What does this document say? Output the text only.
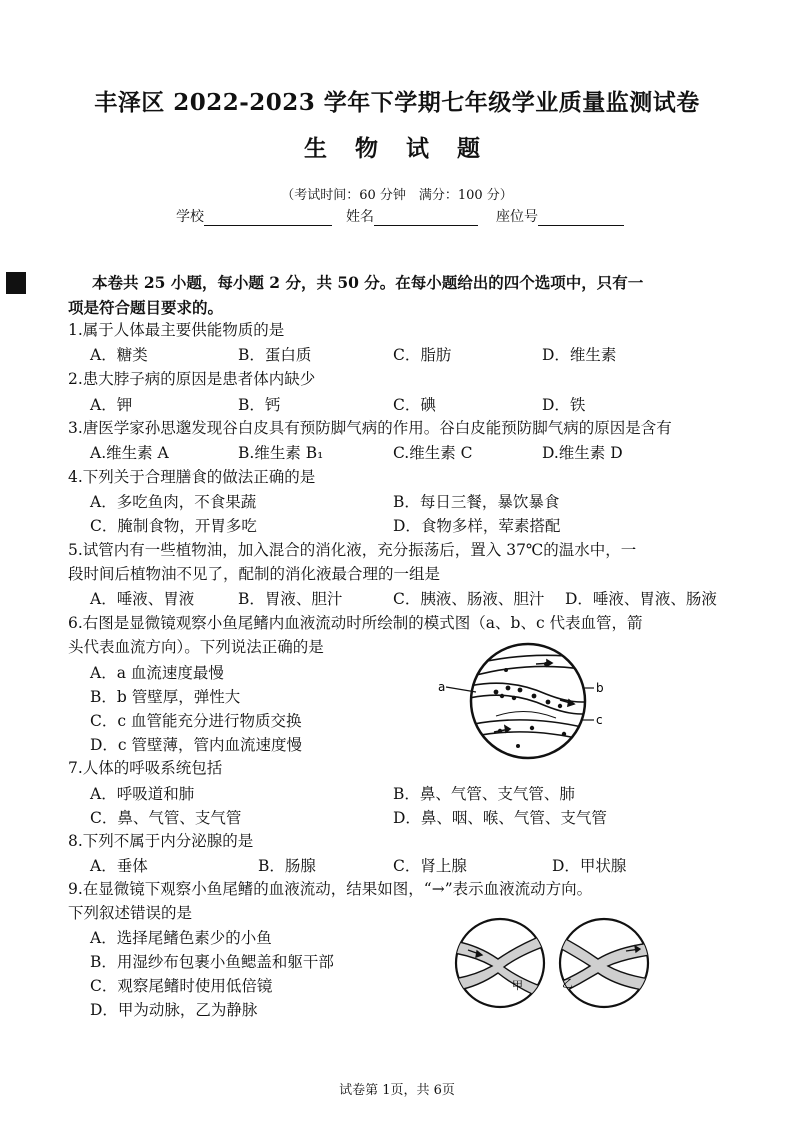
丰泽区 2022-2023 学年下学期七年级学业质量监测试卷
生 物 试 题
（考试时间：60 分钟　满分：100 分）
学校	姓名	座位号
本卷共 25 小题，每小题 2 分，共 50 分。在每小题给出的四个选项中，只有一
项是符合题目要求的。
1.属于人体最主要供能物质的是
A．糖类	B．蛋白质	C．脂肪	D．维生素
2.患大脖子病的原因是患者体内缺少
A．钾	B．钙	C．碘	D．铁
3.唐医学家孙思邈发现谷白皮具有预防脚气病的作用。谷白皮能预防脚气病的原因是含有
A.维生素 A	B.维生素 B₁	C.维生素 C	D.维生素 D
4.下列关于合理膳食的做法正确的是
A．多吃鱼肉，不食果蔬	B．每日三餐，暴饮暴食
C．腌制食物，开胃多吃	D．食物多样，荤素搭配
5.试管内有一些植物油，加入混合的消化液，充分振荡后，置入 37℃的温水中，一
段时间后植物油不见了，配制的消化液最合理的一组是
A．唾液、胃液	B．胃液、胆汁	C．胰液、肠液、胆汁 D．唾液、胃液、肠液
6.右图是显微镜观察小鱼尾鳍内血液流动时所绘制的模式图（a、b、c 代表血管，箭
头代表血流方向）。下列说法正确的是
A．a 血流速度最慢
B．b 管壁厚，弹性大
C．c 血管能充分进行物质交换
D．c 管壁薄，管内血流速度慢
a	b
c
7.人体的呼吸系统包括
A．呼吸道和肺	B．鼻、气管、支气管、肺
C．鼻、气管、支气管	D．鼻、咽、喉、气管、支气管
8.下列不属于内分泌腺的是
A．垂体	B．肠腺	C．肾上腺	D．甲状腺
9.在显微镜下观察小鱼尾鳍的血液流动，结果如图，“→”表示血液流动方向。
下列叙述错误的是
A．选择尾鳍色素少的小鱼
B．用湿纱布包裹小鱼鳃盖和躯干部
C．观察尾鳍时使用低倍镜
D．甲为动脉，乙为静脉
甲	乙
试卷第 1页，共 6页
